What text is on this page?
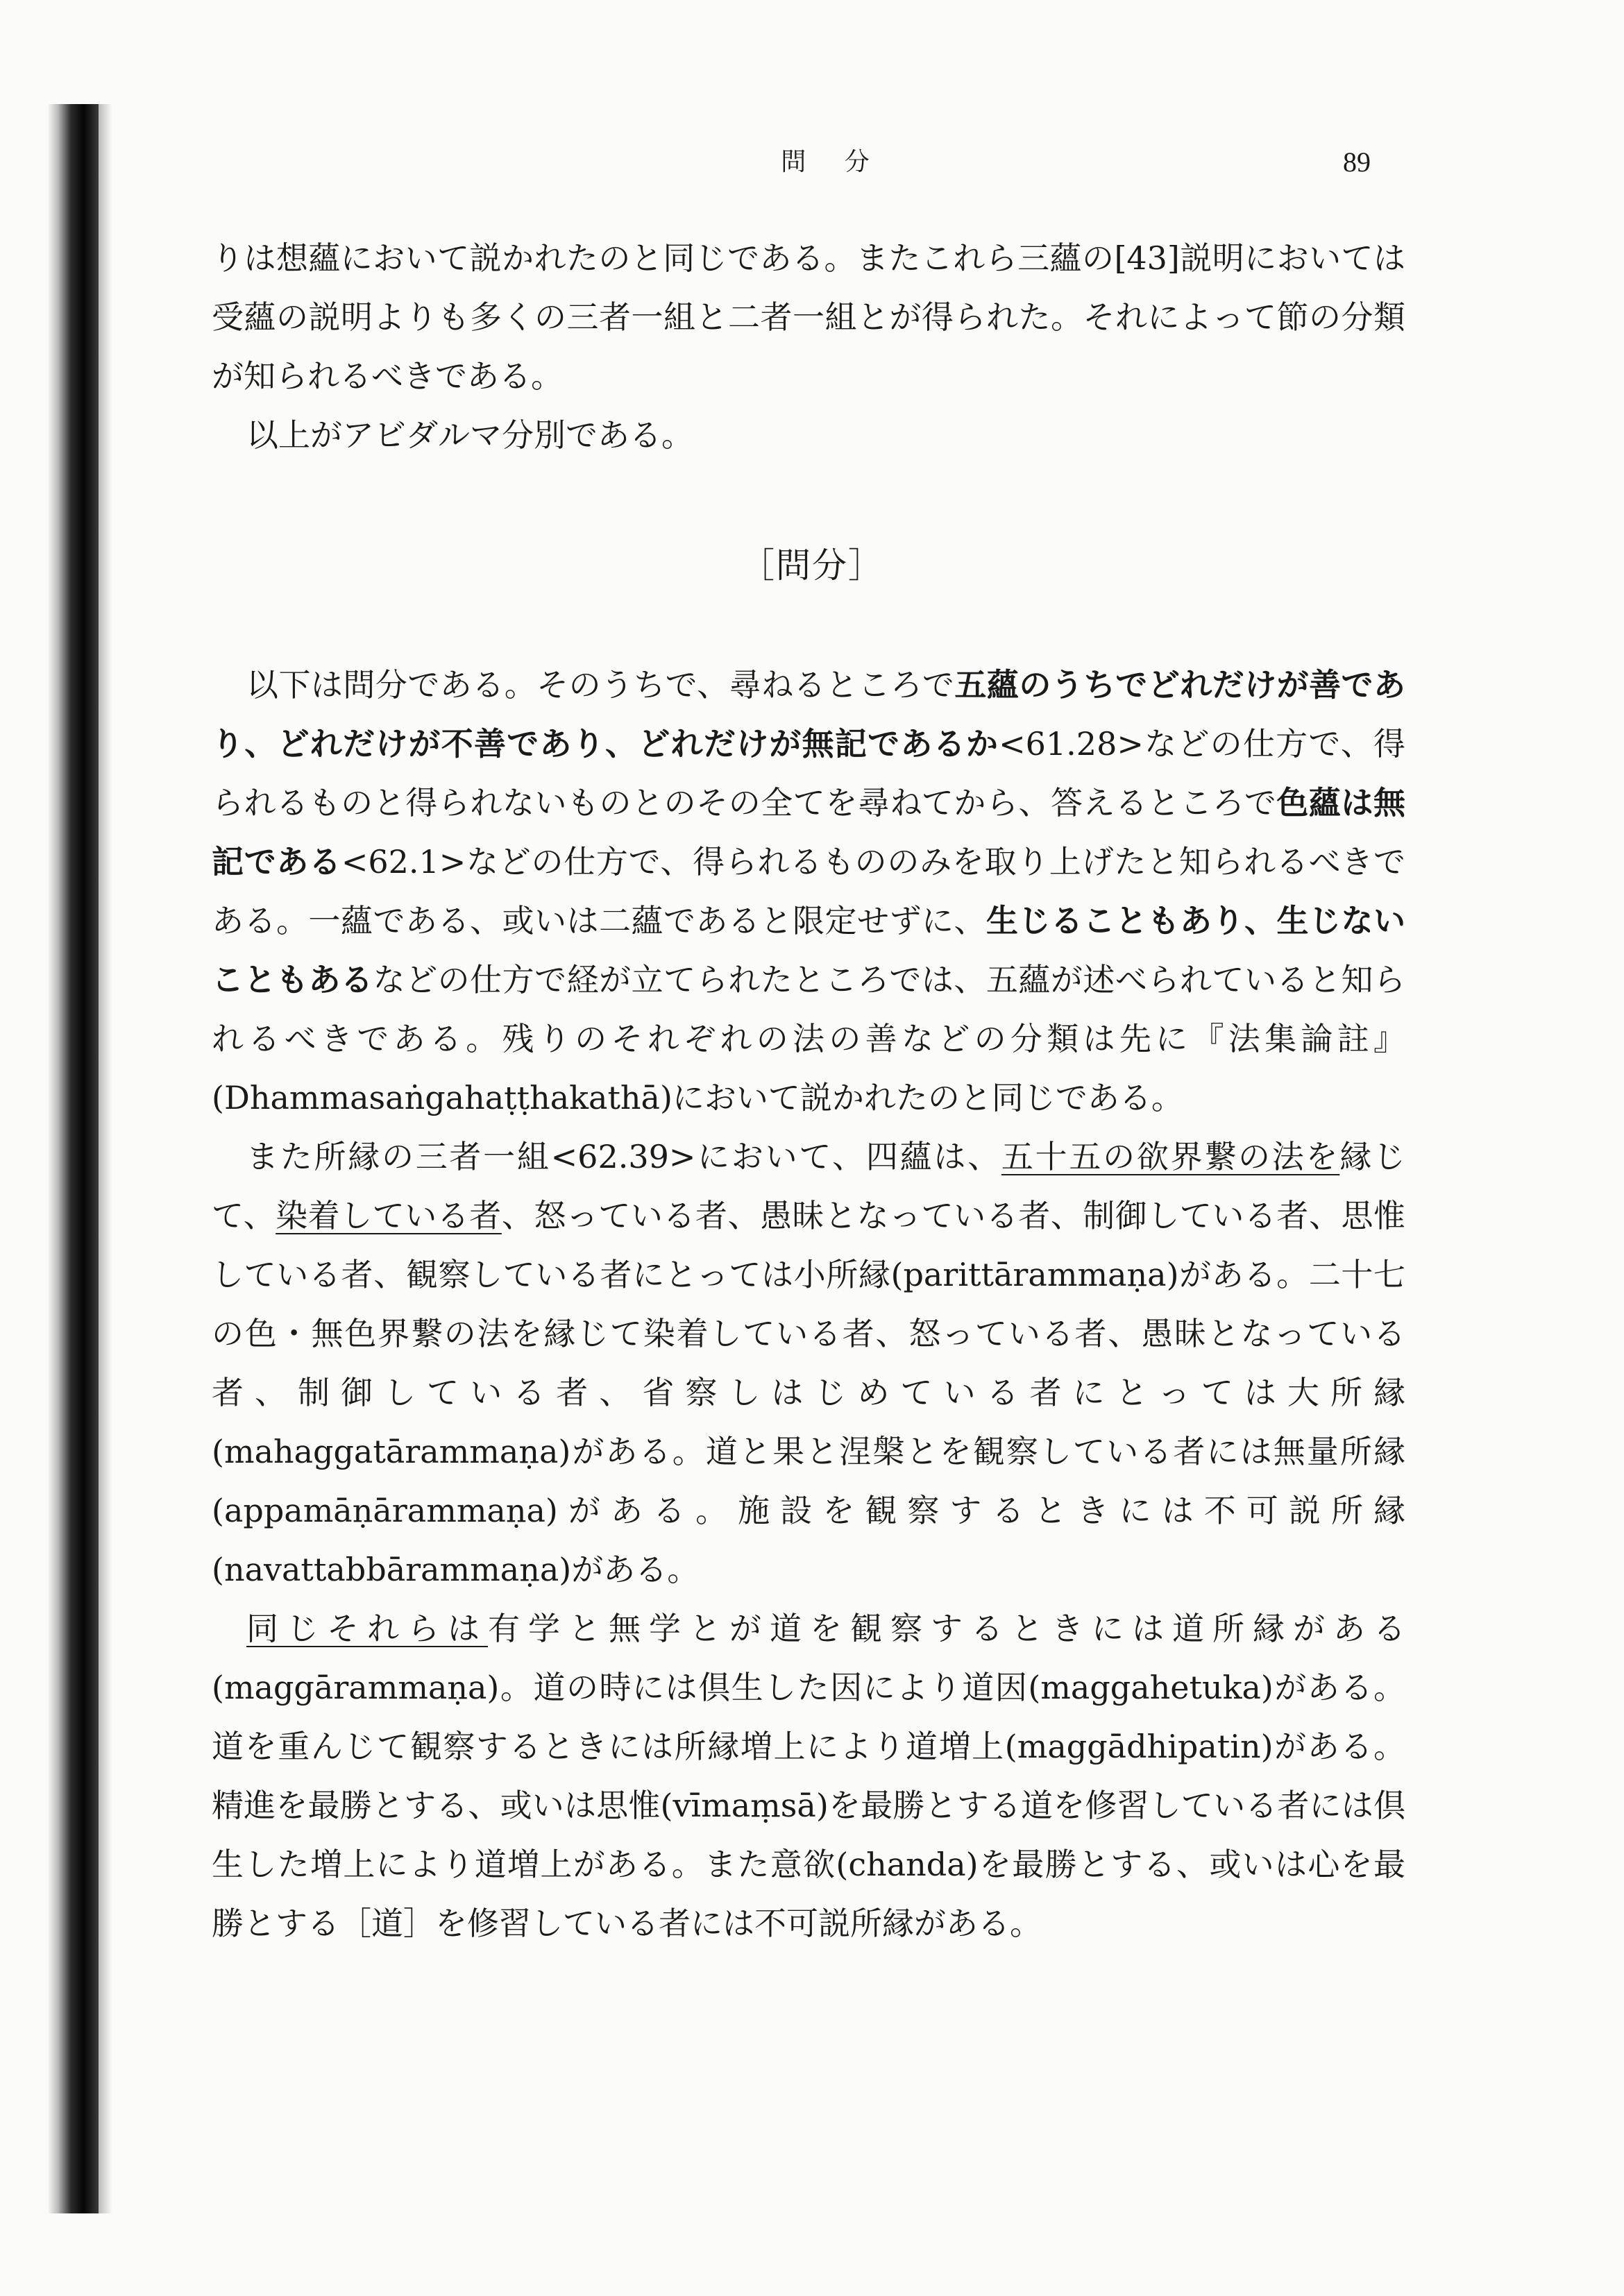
問 分	89

りは想蘊において説かれたのと同じである。またこれら三蘊の[43]説明においては受蘊の説明よりも多くの三者一組と二者一組とが得られた。それによって節の分類が知られるべきである。

以上がアビダルマ分別である。

［問分］

以下は問分である。そのうちで、尋ねるところで五蘊のうちでどれだけが善であり、どれだけが不善であり、どれだけが無記であるか<61.28>などの仕方で、得られるものと得られないものとのその全てを尋ねてから、答えるところで色蘊は無記である<62.1>などの仕方で、得られるもののみを取り上げたと知られるべきである。一蘊である、或いは二蘊であると限定せずに、生じることもあり、生じないこともあるなどの仕方で経が立てられたところでは、五蘊が述べられていると知られるべきである。残りのそれぞれの法の善などの分類は先に『法集論註』(Dhammasaṅgahaṭṭhakathā)において説かれたのと同じである。

また所縁の三者一組<62.39>において、四蘊は、五十五の欲界繋の法を縁じて、染着している者、怒っている者、愚昧となっている者、制御している者、思惟している者、観察している者にとっては小所縁(parittārammaṇa)がある。二十七の色・無色界繋の法を縁じて染着している者、怒っている者、愚昧となっている者、制御している者、省察しはじめている者にとっては大所縁(mahaggatārammaṇa)がある。道と果と涅槃とを観察している者には無量所縁(appamāṇārammaṇa)がある。施設を観察するときには不可説所縁(navattabbārammaṇa)がある。

同じそれらは有学と無学とが道を観察するときには道所縁がある(maggārammaṇa)。道の時には倶生した因により道因(maggahetuka)がある。道を重んじて観察するときには所縁増上により道増上(maggādhipatin)がある。精進を最勝とする、或いは思惟(vīmaṃsā)を最勝とする道を修習している者には倶生した増上により道増上がある。また意欲(chanda)を最勝とする、或いは心を最勝とする［道］を修習している者には不可説所縁がある。
